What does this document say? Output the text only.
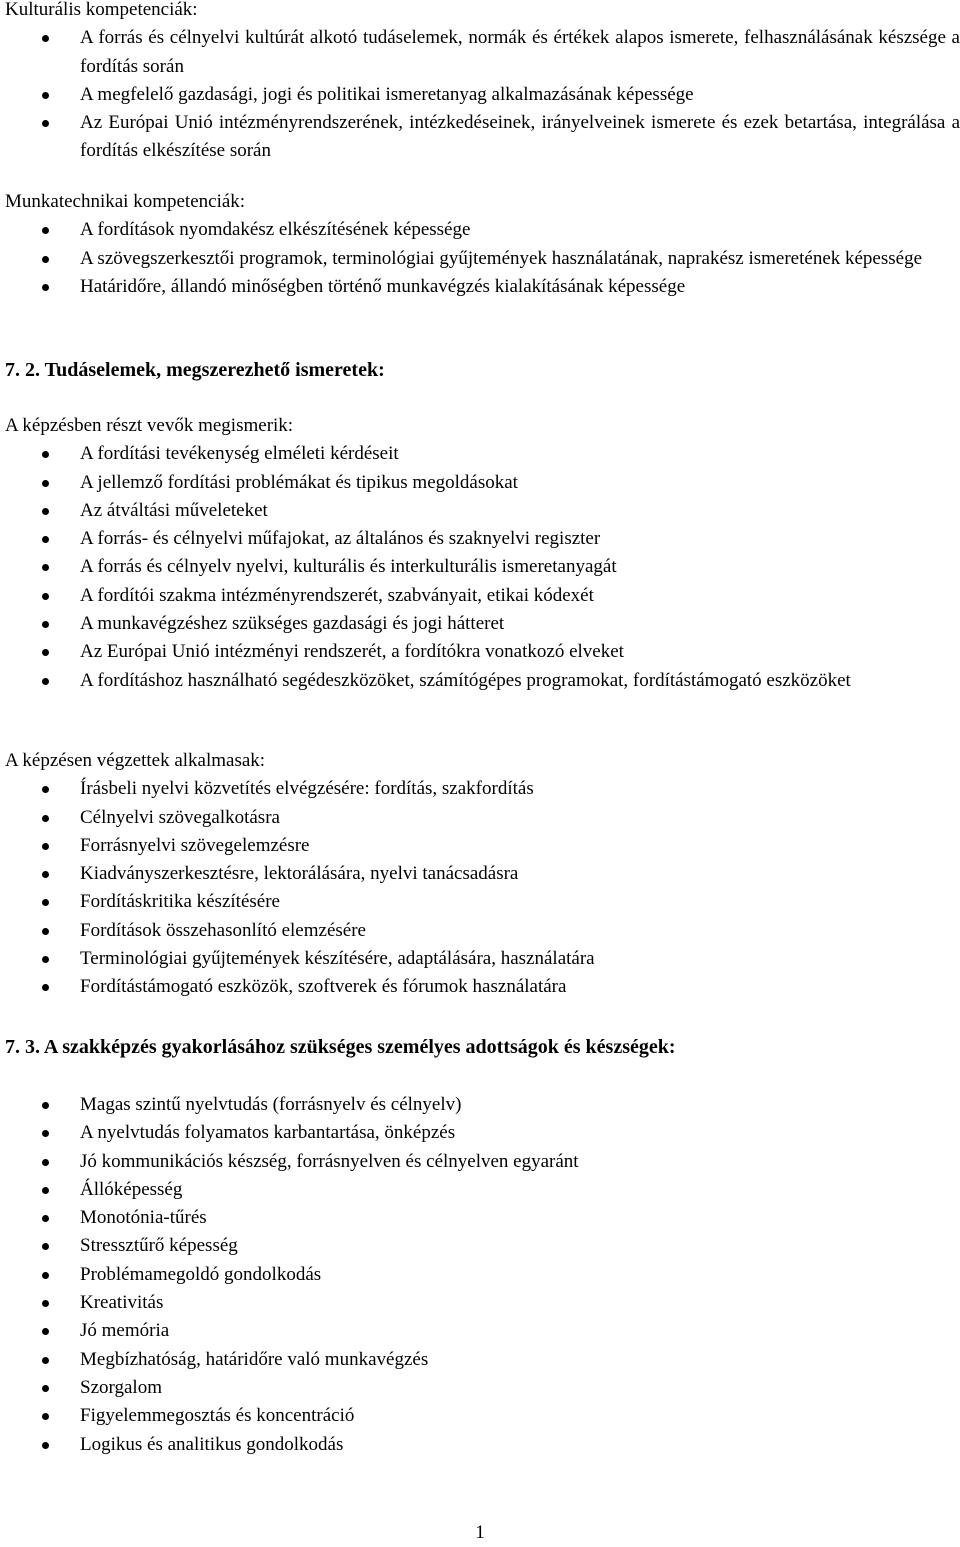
Kulturális kompetenciák:

A forrás és célnyelvi kultúrát alkotó tudáselemek, normák és értékek alapos ismerete, felhasználásának készsége a fordítás során
A megfelelő gazdasági, jogi és politikai ismeretanyag alkalmazásának képessége
Az Európai Unió intézményrendszerének, intézkedéseinek, irányelveinek ismerete és ezek betartása, integrálása a fordítás elkészítése során

Munkatechnikai kompetenciák:

A fordítások nyomdakész elkészítésének képessége
A szövegszerkesztői programok, terminológiai gyűjtemények használatának, naprakész ismeretének képessége
Határidőre, állandó minőségben történő munkavégzés kialakításának képessége

7. 2. Tudáselemek, megszerezhető ismeretek:

A képzésben részt vevők megismerik:

A fordítási tevékenység elméleti kérdéseit
A jellemző fordítási problémákat és tipikus megoldásokat
Az átváltási műveleteket
A forrás- és célnyelvi műfajokat, az általános és szaknyelvi regiszter
A forrás és célnyelv nyelvi, kulturális és interkulturális ismeretanyagát
A fordítói szakma intézményrendszerét, szabványait, etikai kódexét
A munkavégzéshez szükséges gazdasági és jogi hátteret
Az Európai Unió intézményi rendszerét, a fordítókra vonatkozó elveket
A fordításhoz használható segédeszközöket, számítógépes programokat, fordítástámogató eszközöket

A képzésen végzettek alkalmasak:

Írásbeli nyelvi közvetítés elvégzésére: fordítás, szakfordítás
Célnyelvi szövegalkotásra
Forrásnyelvi szövegelemzésre
Kiadványszerkesztésre, lektorálására, nyelvi tanácsadásra
Fordításkritika készítésére
Fordítások összehasonlító elemzésére
Terminológiai gyűjtemények készítésére, adaptálására, használatára
Fordítástámogató eszközök, szoftverek és fórumok használatára

7. 3. A szakképzés gyakorlásához szükséges személyes adottságok és készségek:

Magas szintű nyelvtudás (forrásnyelv és célnyelv)
A nyelvtudás folyamatos karbantartása, önképzés
Jó kommunikációs készség, forrásnyelven és célnyelven egyaránt
Állóképesség
Monotónia-tűrés
Stressztűrő képesség
Problémamegoldó gondolkodás
Kreativitás
Jó memória
Megbízhatóság, határidőre való munkavégzés
Szorgalom
Figyelemmegosztás és koncentráció
Logikus és analitikus gondolkodás
1
